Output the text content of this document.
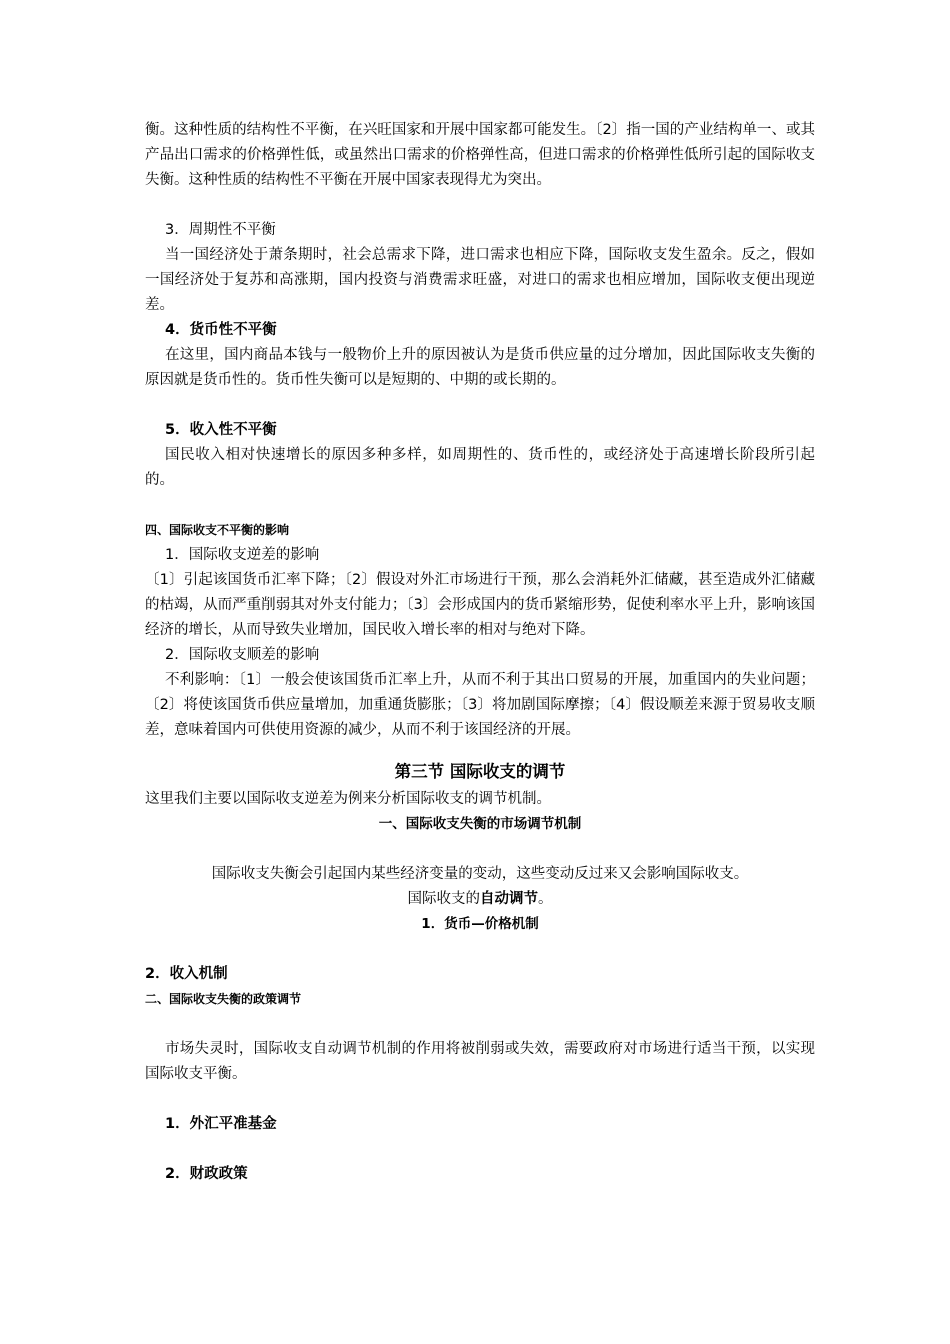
衡。这种性质的结构性不平衡，在兴旺国家和开展中国家都可能发生。〔2〕指一国的产业结构单一、或其产品出口需求的价格弹性低，或虽然出口需求的价格弹性高，但进口需求的价格弹性低所引起的国际收支失衡。这种性质的结构性不平衡在开展中国家表现得尤为突出。

3．周期性不平衡

当一国经济处于萧条期时，社会总需求下降，进口需求也相应下降，国际收支发生盈余。反之，假如一国经济处于复苏和高涨期，国内投资与消费需求旺盛，对进口的需求也相应增加，国际收支便出现逆差。

4．货币性不平衡

在这里，国内商品本钱与一般物价上升的原因被认为是货币供应量的过分增加，因此国际收支失衡的原因就是货币性的。货币性失衡可以是短期的、中期的或长期的。

5．收入性不平衡

国民收入相对快速增长的原因多种多样，如周期性的、货币性的，或经济处于高速增长阶段所引起的。

四、国际收支不平衡的影响

1．国际收支逆差的影响

〔1〕引起该国货币汇率下降；〔2〕假设对外汇市场进行干预，那么会消耗外汇储藏，甚至造成外汇储藏的枯竭，从而严重削弱其对外支付能力；〔3〕会形成国内的货币紧缩形势，促使利率水平上升，影响该国经济的增长，从而导致失业增加，国民收入增长率的相对与绝对下降。

2．国际收支顺差的影响

不利影响：〔1〕一般会使该国货币汇率上升，从而不利于其出口贸易的开展，加重国内的失业问题；〔2〕将使该国货币供应量增加，加重通货膨胀；〔3〕将加剧国际摩擦；〔4〕假设顺差来源于贸易收支顺差，意味着国内可供使用资源的减少，从而不利于该国经济的开展。

第三节 国际收支的调节

这里我们主要以国际收支逆差为例来分析国际收支的调节机制。

一、国际收支失衡的市场调节机制

国际收支失衡会引起国内某些经济变量的变动，这些变动反过来又会影响国际收支。

国际收支的自动调节。

1．货币—价格机制

2．收入机制

二、国际收支失衡的政策调节

市场失灵时，国际收支自动调节机制的作用将被削弱或失效，需要政府对市场进行适当干预，以实现国际收支平衡。

1．外汇平准基金

2．财政政策
